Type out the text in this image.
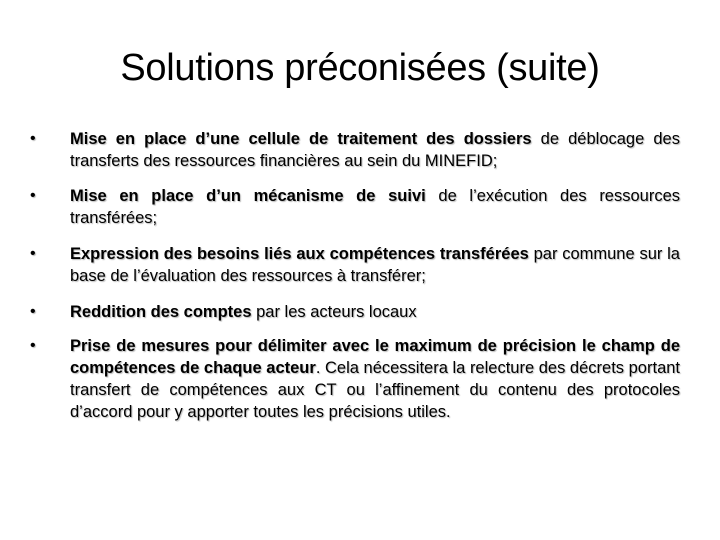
Solutions préconisées (suite)
•	Mise en place d’une cellule de traitement des dossiers de déblocage des transferts des ressources financières au sein du MINEFID;
•	Mise en place d’un mécanisme de suivi de l’exécution des ressources transférées;
•	Expression des besoins liés aux compétences transférées par commune sur la base de l’évaluation des ressources à transférer;
•	Reddition des comptes par les acteurs locaux
•	Prise de mesures pour délimiter avec le maximum de précision le champ de compétences de chaque acteur. Cela nécessitera la relecture des décrets portant transfert de compétences aux CT ou l’affinement du contenu des protocoles d’accord pour y apporter toutes les précisions utiles.
